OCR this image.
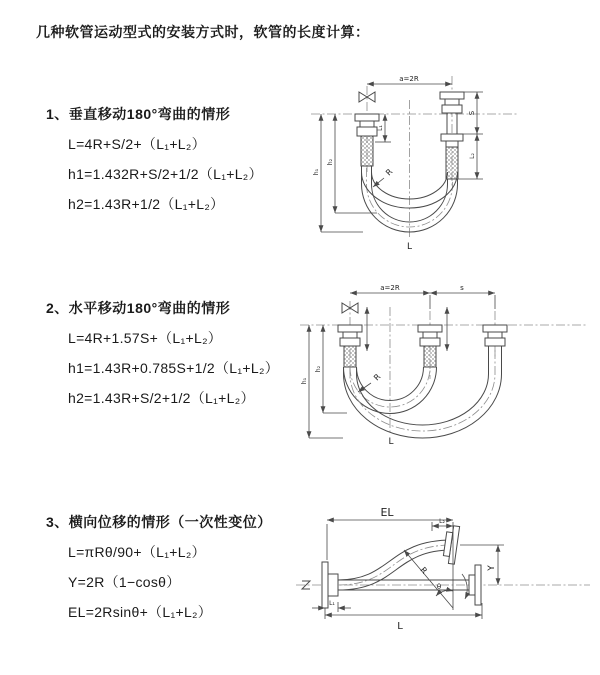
几种软管运动型式的安装方式时，软管的长度计算：
1、垂直移动180°弯曲的情形
L=4R+S/2+（L₁+L₂）
h1=1.432R+S/2+1/2（L₁+L₂）
h2=1.43R+1/2（L₁+L₂）
2、水平移动180°弯曲的情形
L=4R+1.57S+（L₁+L₂）
h1=1.43R+0.785S+1/2（L₁+L₂）
h2=1.43R+S/2+1/2（L₁+L₂）
3、横向位移的情形（一次性变位）
L=πRθ/90+（L₁+L₂）
Y=2R（1−cosθ）
EL=2Rsinθ+（L₁+L₂）
a=2R
L₁
S
L₂
h₂
h₁	R
L
a=2R	s
h₂
h₁	R
L
EL
L₂
Y
R
θ
L
L₁
